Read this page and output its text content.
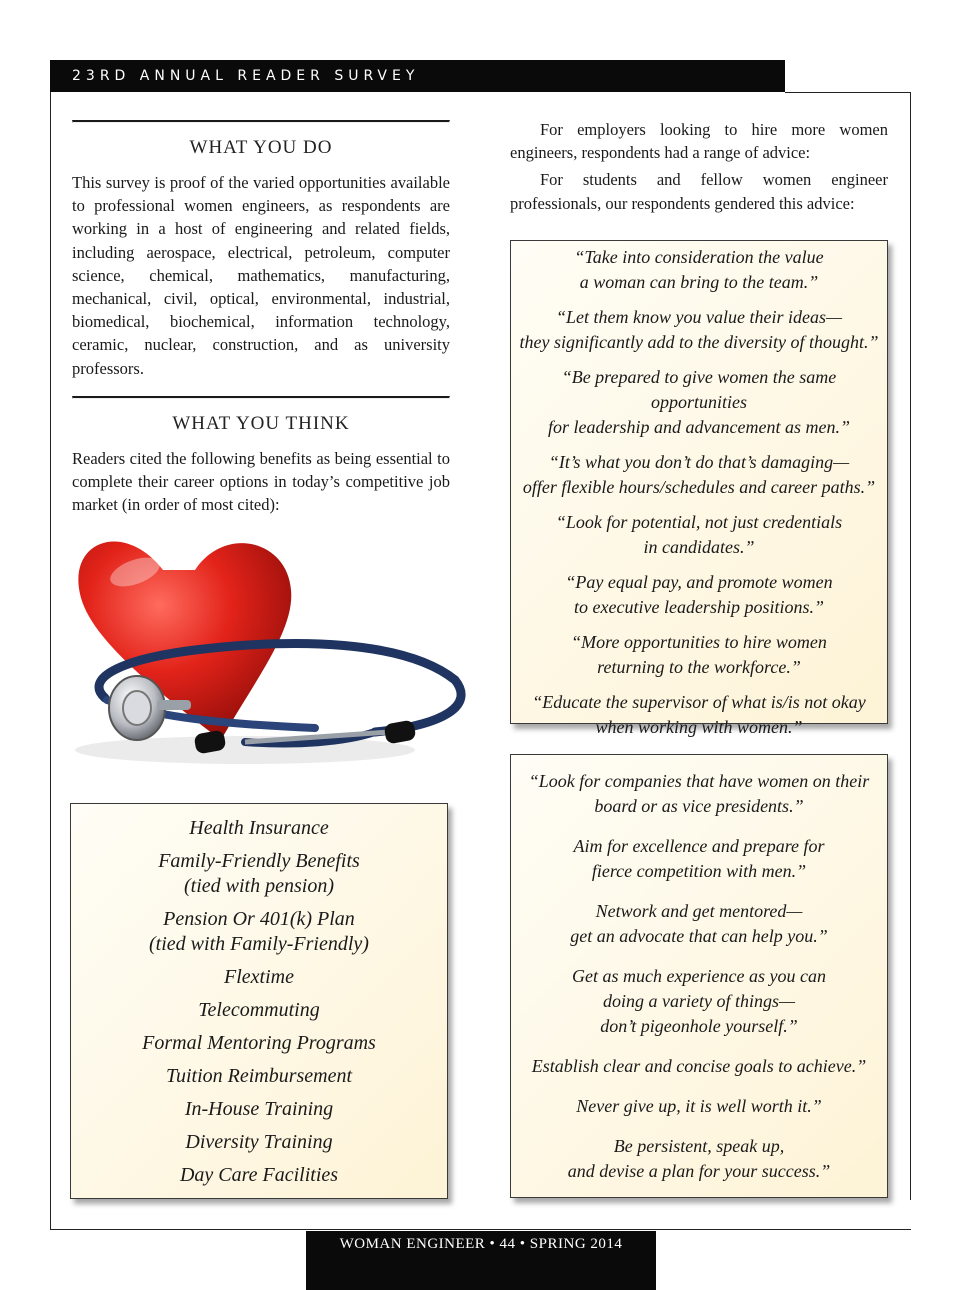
23RD ANNUAL READER SURVEY
WHAT YOU DO

This survey is proof of the varied opportunities available to professional women engineers, as respondents are working in a host of engineering and related fields, including aerospace, electrical, petroleum, computer science, chemical, mathematics, manufacturing, mechanical, civil, optical, environmental, industrial, biomedical, biochemical, information technology, ceramic, nuclear, construction, and as university professors.

WHAT YOU THINK

Readers cited the following benefits as being essential to complete their career options in today’s competitive job market (in order of most cited):

Health Insurance

Family-Friendly Benefits
(tied with pension)

Pension Or 401(k) Plan
(tied with Family-Friendly)

Flextime

Telecommuting

Formal Mentoring Programs

Tuition Reimbursement

In-House Training

Diversity Training

Day Care Facilities

For employers looking to hire more women engineers, respondents had a range of advice:

For students and fellow women engineer professionals, our respondents gendered this advice:

“Take into consideration the value
a woman can bring to the team.”

“Let them know you value their ideas—
they significantly add to the diversity of thought.”

“Be prepared to give women the same opportunities
for leadership and advancement as men.”

“It’s what you don’t do that’s damaging—
offer flexible hours/schedules and career paths.”

“Look for potential, not just credentials
in candidates.”

“Pay equal pay, and promote women
to executive leadership positions.”

“More opportunities to hire women
returning to the workforce.”

“Educate the supervisor of what is/is not okay
when working with women.”

“Look for companies that have women on their
board or as vice presidents.”

Aim for excellence and prepare for
fierce competition with men.”

Network and get mentored—
get an advocate that can help you.”

Get as much experience as you can
doing a variety of things—
don’t pigeonhole yourself.”

Establish clear and concise goals to achieve.”

Never give up, it is well worth it.”

Be persistent, speak up,
and devise a plan for your success.”

WOMAN ENGINEER • 44 • SPRING 2014
